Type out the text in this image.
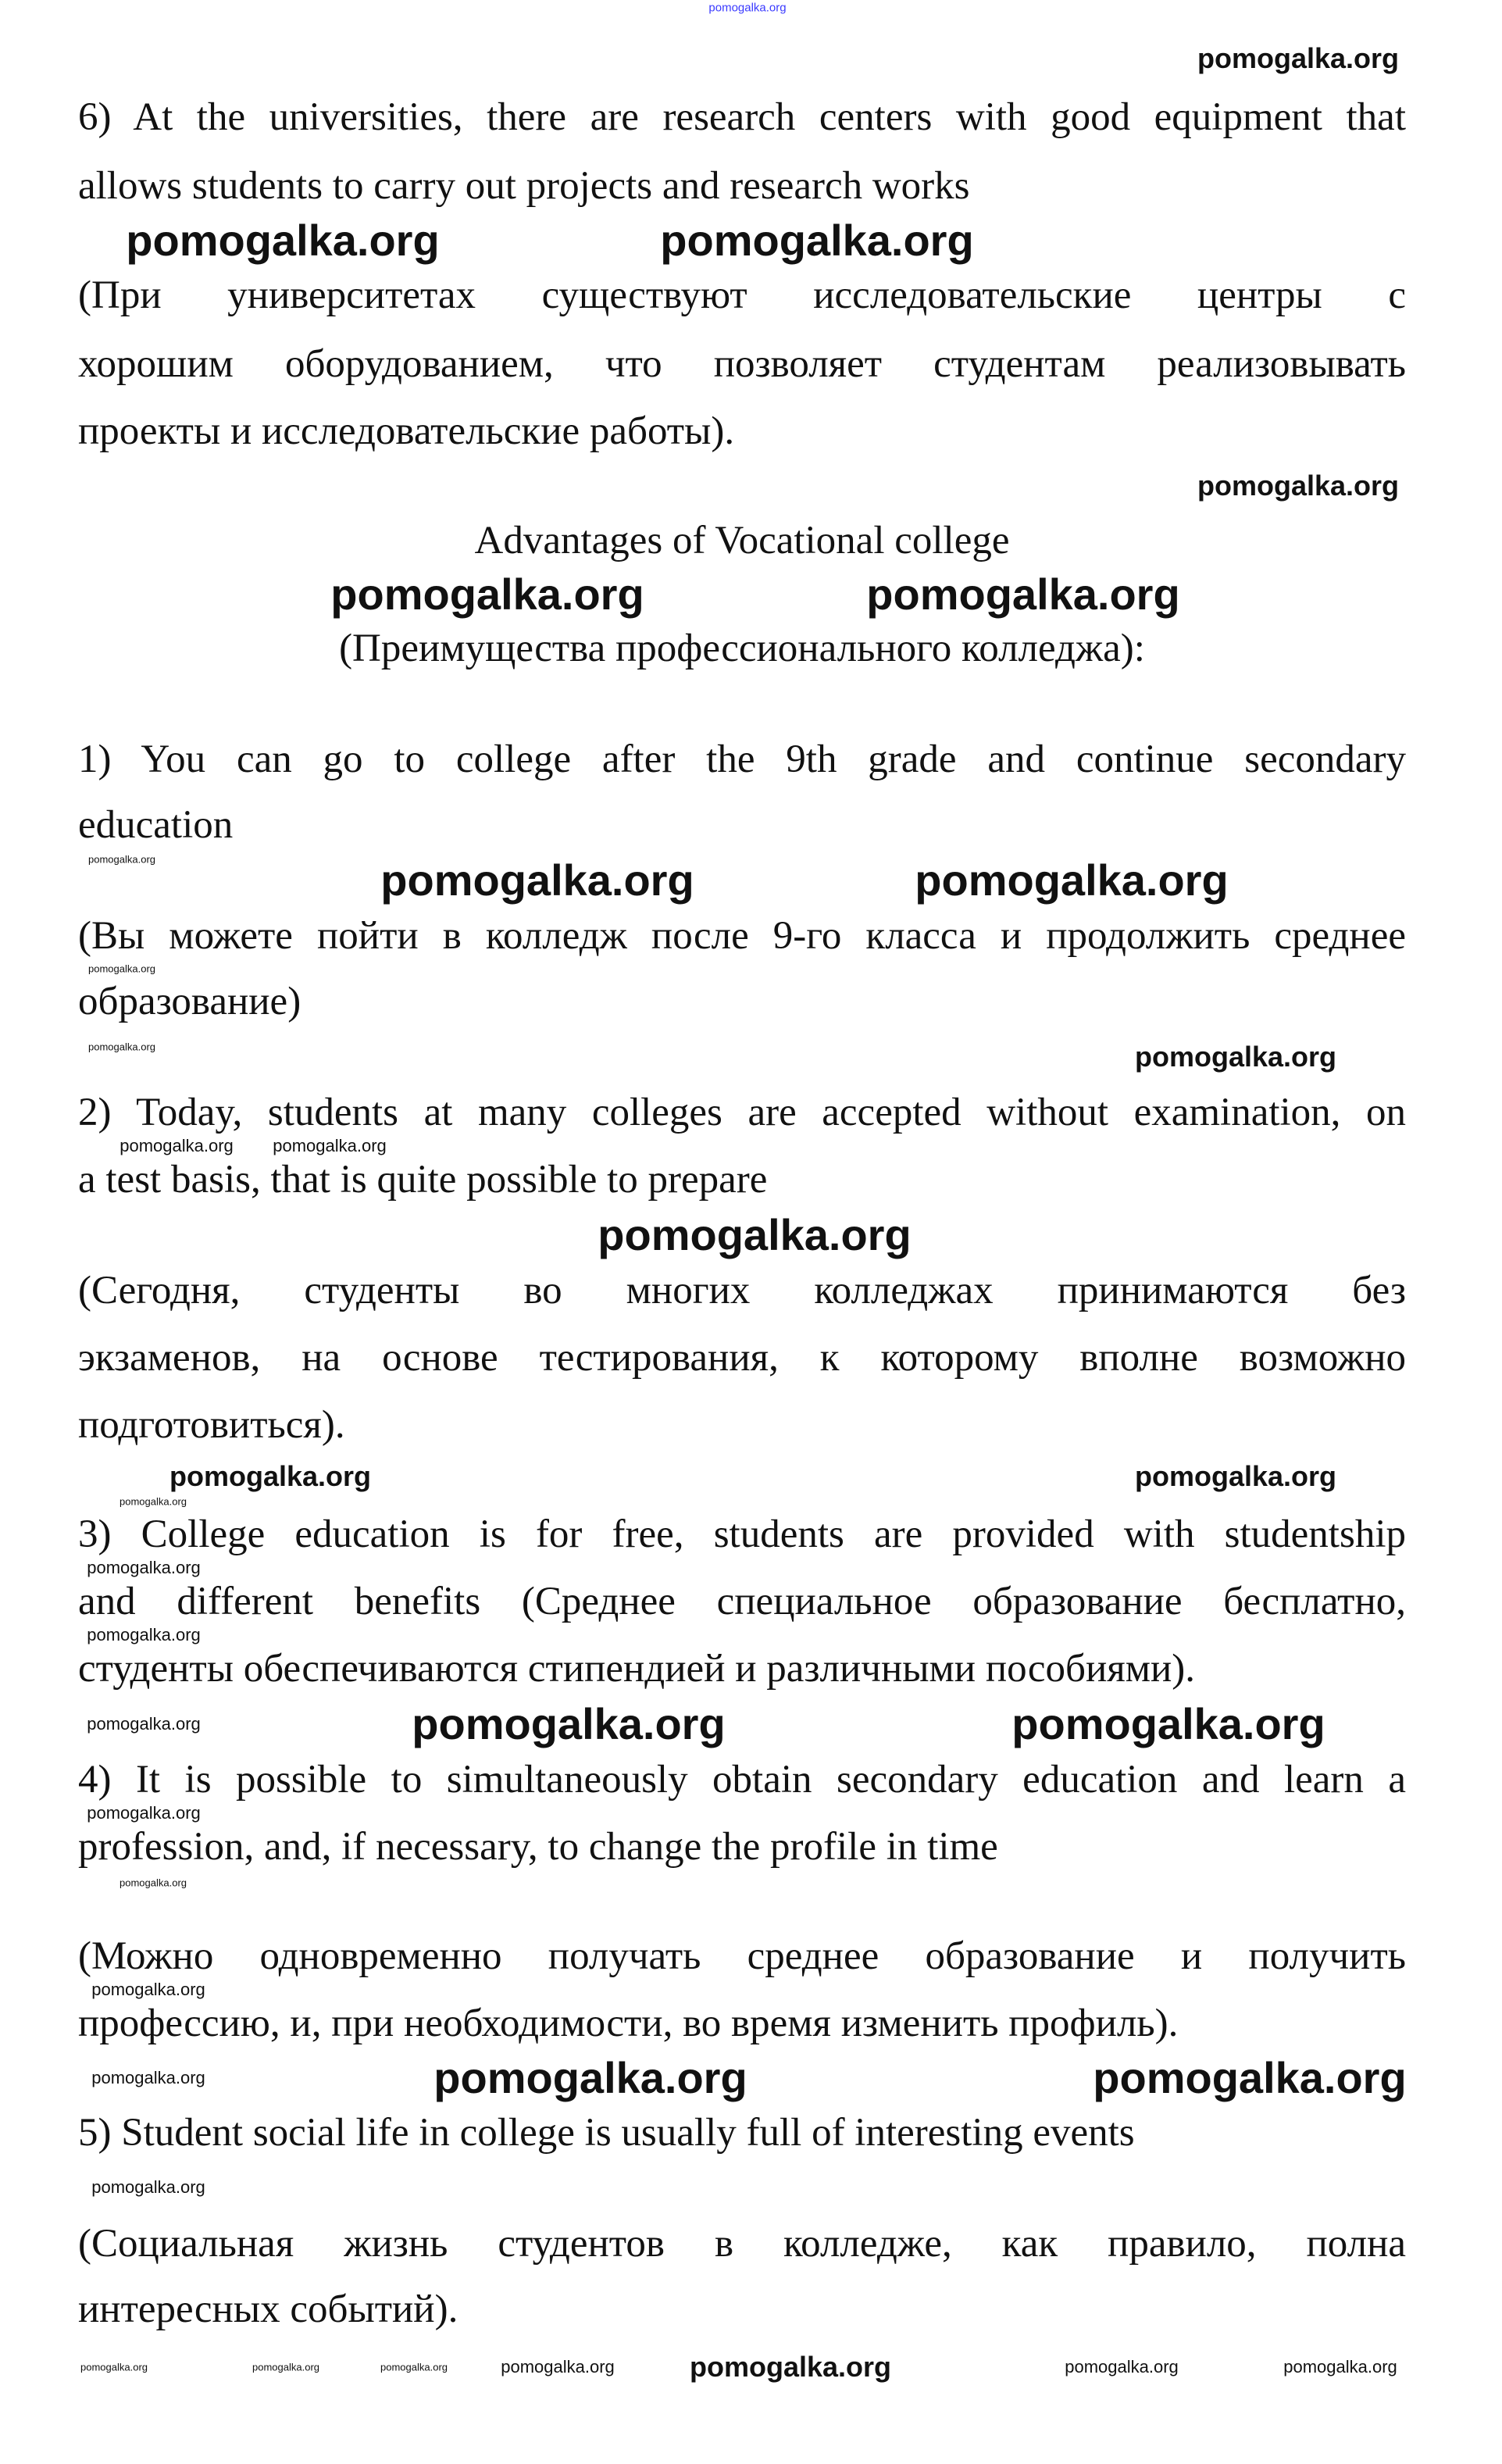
6) At the universities, there are research centers with good equipment that
allows students to carry out projects and research works
(При университетах существуют исследовательские центры с
хорошим оборудованием, что позволяет студентам реализовывать
проекты и исследовательские работы).
Advantages of Vocational college
(Преимущества профессионального колледжа):
1) You can go to college after the 9th grade and continue secondary
education
(Вы можете пойти в колледж после 9-го класса и продолжить среднее
образование)
2) Today, students at many colleges are accepted without examination, on
a test basis, that is quite possible to prepare
(Сегодня, студенты во многих колледжах принимаются без
экзаменов, на основе тестирования, к которому вполне возможно
подготовиться).
3) College education is for free, students are provided with studentship
and different benefits (Среднее специальное образование бесплатно,
студенты обеспечиваются стипендией и различными пособиями).
4) It is possible to simultaneously obtain secondary education and learn a
profession, and, if necessary, to change the profile in time
(Можно одновременно получать среднее образование и получить
профессию, и, при необходимости, во время изменить профиль).
5) Student social life in college is usually full of interesting events
(Социальная жизнь студентов в колледже, как правило, полна
интересных событий).
pomogalka.org
pomogalka.org
pomogalka.org	pomogalka.org
pomogalka.org
pomogalka.org	pomogalka.org
pomogalka.org	pomogalka.org
pomogalka.org
pomogalka.org
pomogalka.org
pomogalka.org pomogalka.org
pomogalka.org
pomogalka.org
pomogalka.org	pomogalka.org
pomogalka.org
pomogalka.org
pomogalka.org
pomogalka.org	pomogalka.org
pomogalka.org
pomogalka.org
pomogalka.org
pomogalka.org
pomogalka.org	pomogalka.org
pomogalka.org
pomogalka.org
pomogalka.org	pomogalka.org	pomogalka.org	pomogalka.org	pomogalka.org	pomogalka.org	pomogalka.org
